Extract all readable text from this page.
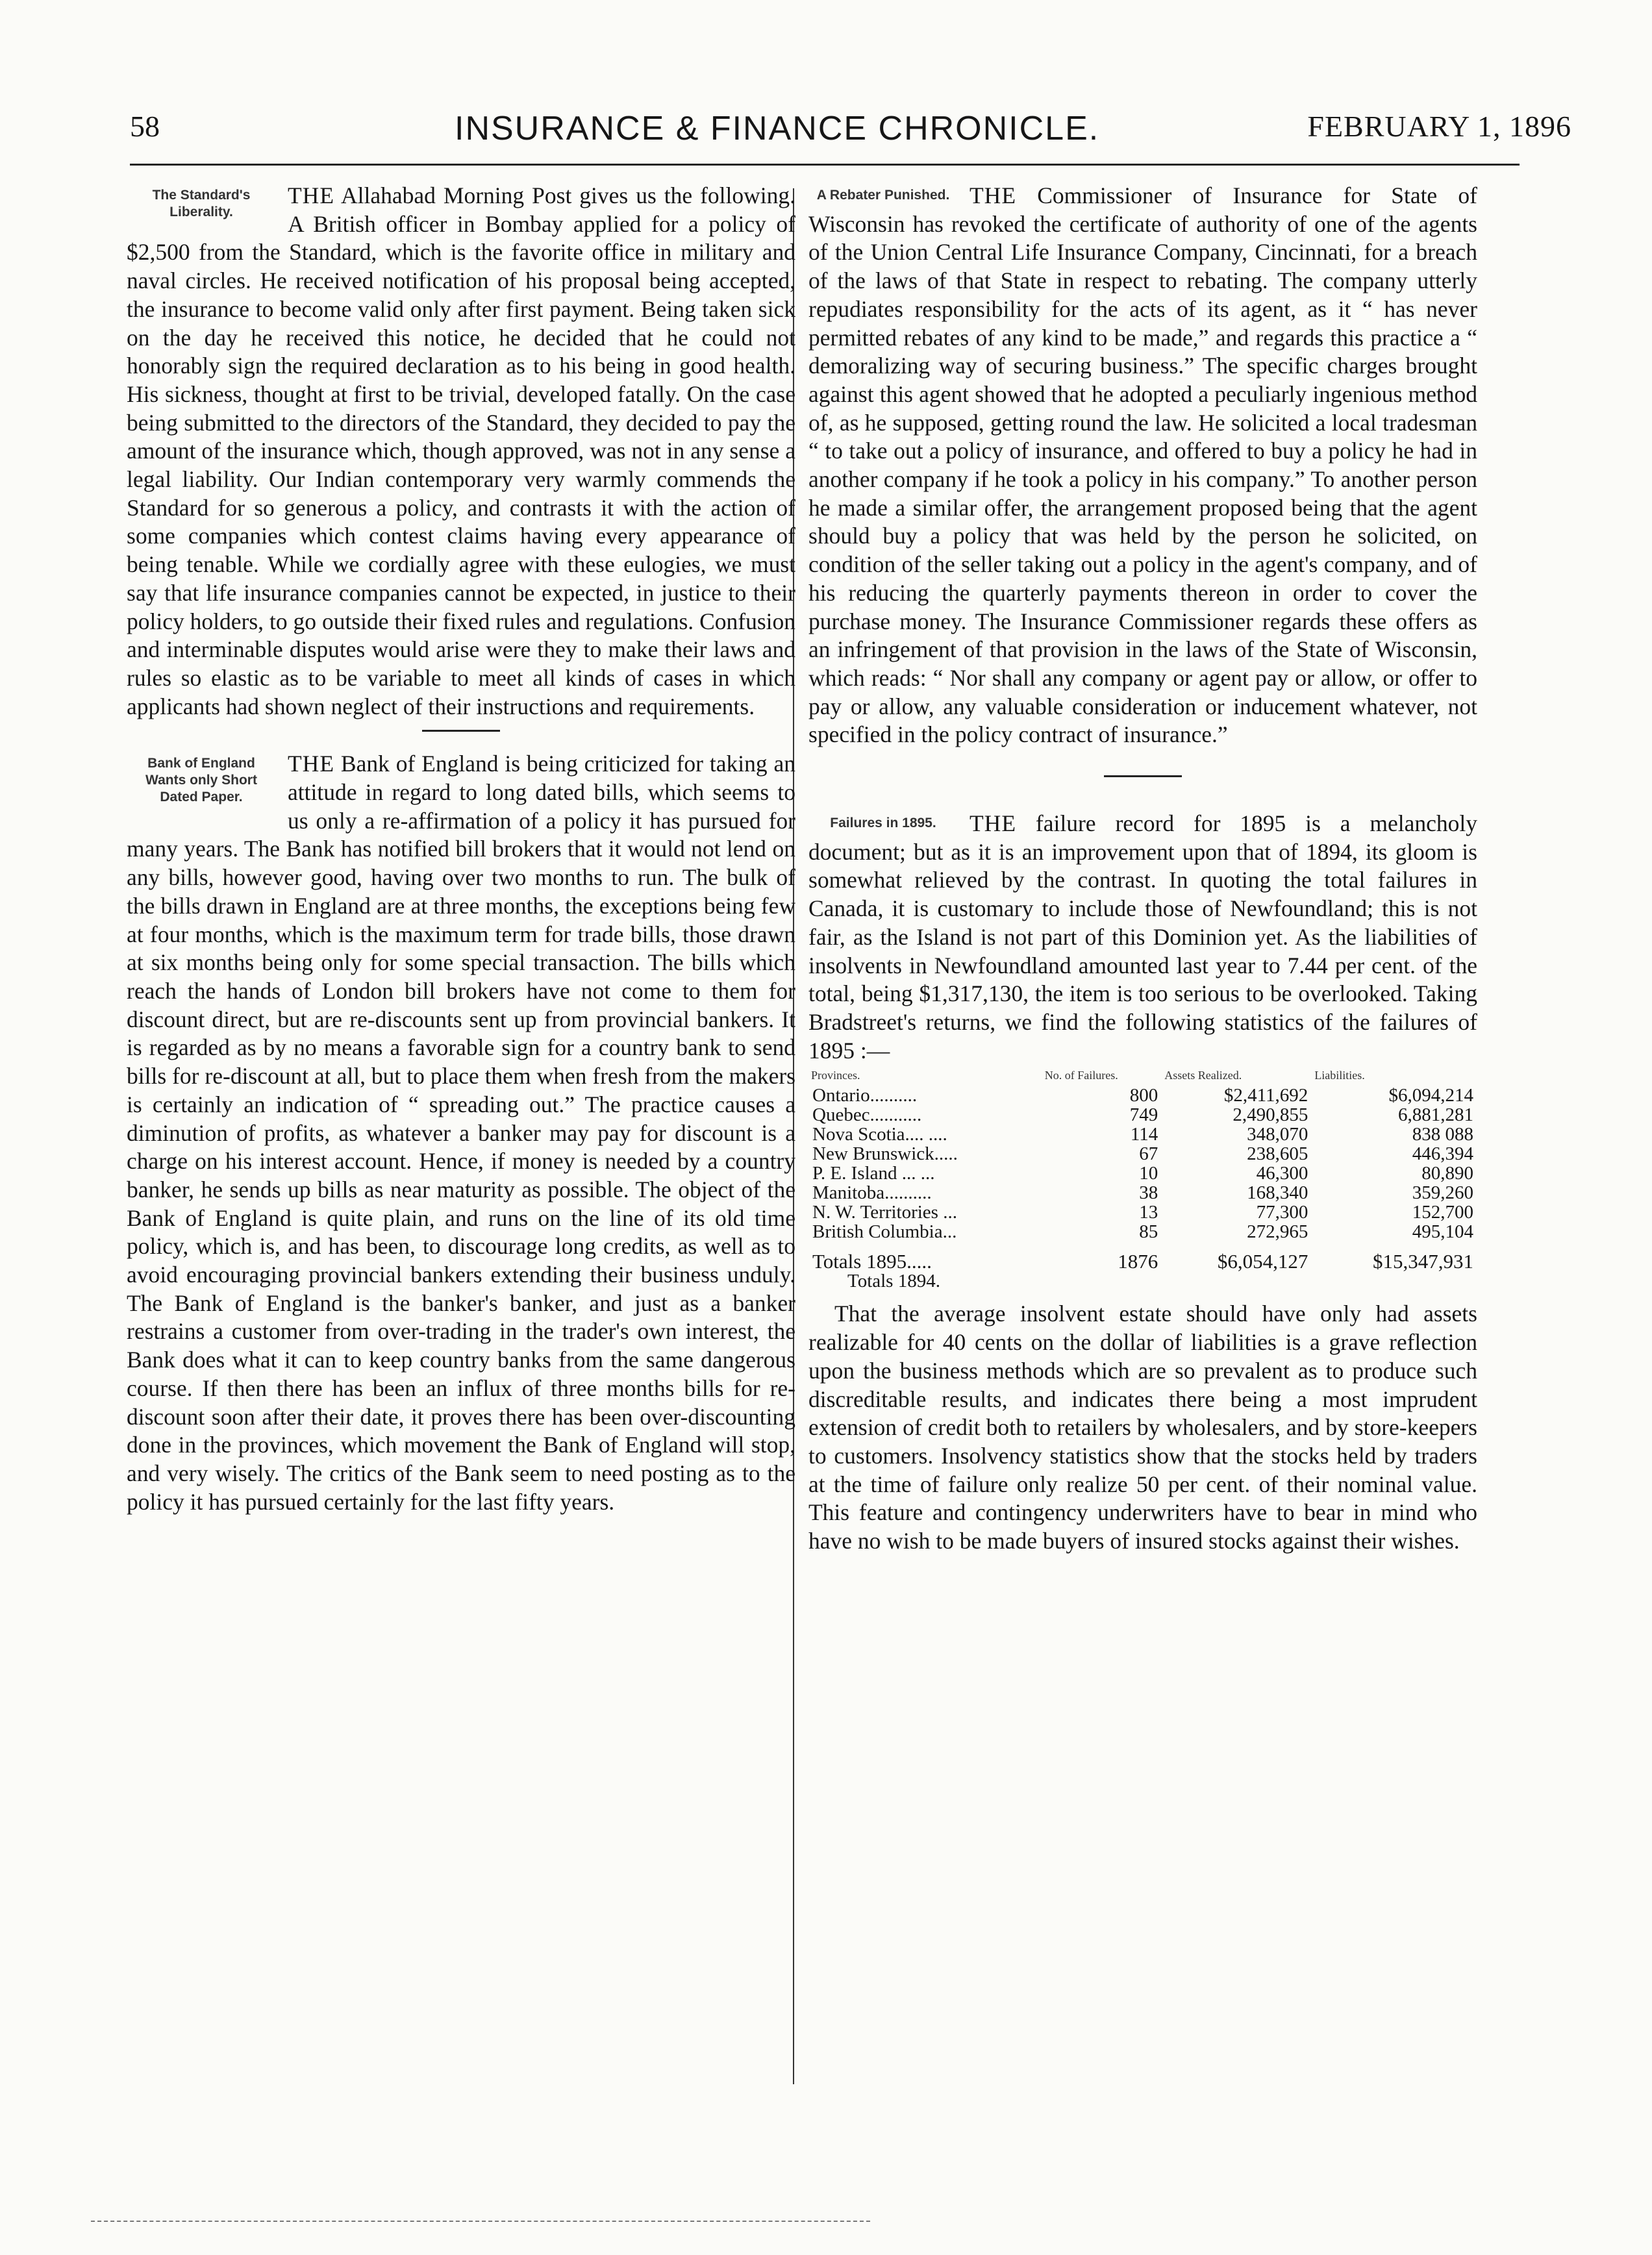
58	INSURANCE & FINANCE CHRONICLE.	FEBRUARY 1, 1896
The Standard's Liberality.

THE Allahabad Morning Post gives us the following. A British officer in Bombay applied for a policy of $2,500 from the Standard, which is the favorite office in military and naval circles. He received notification of his proposal being accepted, the insurance to become valid only after first payment. Being taken sick on the day he received this notice, he decided that he could not honorably sign the required declaration as to his being in good health. His sickness, thought at first to be trivial, developed fatally. On the case being submitted to the directors of the Standard, they decided to pay the amount of the insurance which, though approved, was not in any sense a legal liability. Our Indian contemporary very warmly commends the Standard for so generous a policy, and contrasts it with the action of some companies which contest claims having every appearance of being tenable. While we cordially agree with these eulogies, we must say that life insurance companies cannot be expected, in justice to their policy holders, to go outside their fixed rules and regulations. Confusion and interminable disputes would arise were they to make their laws and rules so elastic as to be variable to meet all kinds of cases in which applicants had shown neglect of their instructions and requirements.

Bank of England Wants only Short Dated Paper.

THE Bank of England is being criticized for taking an attitude in regard to long dated bills, which seems to us only a re-affirmation of a policy it has pursued for many years. The Bank has notified bill brokers that it would not lend on any bills, however good, having over two months to run. The bulk of the bills drawn in England are at three months, the exceptions being few at four months, which is the maximum term for trade bills, those drawn at six months being only for some special transaction. The bills which reach the hands of London bill brokers have not come to them for discount direct, but are re-discounts sent up from provincial bankers. It is regarded as by no means a favorable sign for a country bank to send bills for re-discount at all, but to place them when fresh from the makers is certainly an indication of “ spreading out.” The practice causes a diminution of profits, as whatever a banker may pay for discount is a charge on his interest account. Hence, if money is needed by a country banker, he sends up bills as near maturity as possible. The object of the Bank of England is quite plain, and runs on the line of its old time policy, which is, and has been, to discourage long credits, as well as to avoid encouraging provincial bankers extending their business unduly. The Bank of England is the banker's banker, and just as a banker restrains a customer from over-trading in the trader's own interest, the Bank does what it can to keep country banks from the same dangerous course. If then there has been an influx of three months bills for re-discount soon after their date, it proves there has been over-discounting done in the provinces, which movement the Bank of England will stop, and very wisely. The critics of the Bank seem to need posting as to the policy it has pursued certainly for the last fifty years.

A Rebater Punished. THE Commissioner of Insurance for State of Wisconsin has revoked the certificate of authority of one of the agents of the Union Central Life Insurance Company, Cincinnati, for a breach of the laws of that State in respect to rebating. The company utterly repudiates responsibility for the acts of its agent, as it “ has never permitted rebates of any kind to be made,” and regards this practice a “ demoralizing way of securing business.” The specific charges brought against this agent showed that he adopted a peculiarly ingenious method of, as he supposed, getting round the law. He solicited a local tradesman “ to take out a policy of insurance, and offered to buy a policy he had in another company if he took a policy in his company.” To another person he made a similar offer, the arrangement proposed being that the agent should buy a policy that was held by the person he solicited, on condition of the seller taking out a policy in the agent's company, and of his reducing the quarterly payments thereon in order to cover the purchase money. The Insurance Commissioner regards these offers as an infringement of that provision in the laws of the State of Wisconsin, which reads: “ Nor shall any company or agent pay or allow, or offer to pay or allow, any valuable consideration or inducement whatever, not specified in the policy contract of insurance.”

Failures in 1895.	THE failure record for 1895 is a melancholy document; but as it is an improvement upon that of 1894, its gloom is somewhat relieved by the contrast. In quoting the total failures in Canada, it is customary to include those of Newfoundland; this is not fair, as the Island is not part of this Dominion yet. As the liabilities of insolvents in Newfoundland amounted last year to 7.44 per cent. of the total, being $1,317,130, the item is too serious to be overlooked. Taking Bradstreet's returns, we find the following statistics of the failures of 1895 :—

Provinces.	No. of Failures.	Assets Realized.	Liabilities.
Ontario..........	800	$2,411,692	$6,094,214
Quebec...........	749	2,490,855	6,881,281
Nova Scotia.... ....	114	348,070	838 088
New Brunswick.....	67	238,605	446,394
P. E. Island ... ...	10	46,300	80,890
Manitoba..........	38	168,340	359,260
N. W. Territories ...	13	77,300	152,700
British Columbia...	85	272,965	495,104
Totals 1895.....	1876	$6,054,127	$15,347,931
Totals 1894.			

That the average insolvent estate should have only had assets realizable for 40 cents on the dollar of liabilities is a grave reflection upon the business methods which are so prevalent as to produce such discreditable results, and indicates there being a most imprudent extension of credit both to retailers by wholesalers, and by store-keepers to customers. Insolvency statistics show that the stocks held by traders at the time of failure only realize 50 per cent. of their nominal value. This feature and contingency underwriters have to bear in mind who have no wish to be made buyers of insured stocks against their wishes.
